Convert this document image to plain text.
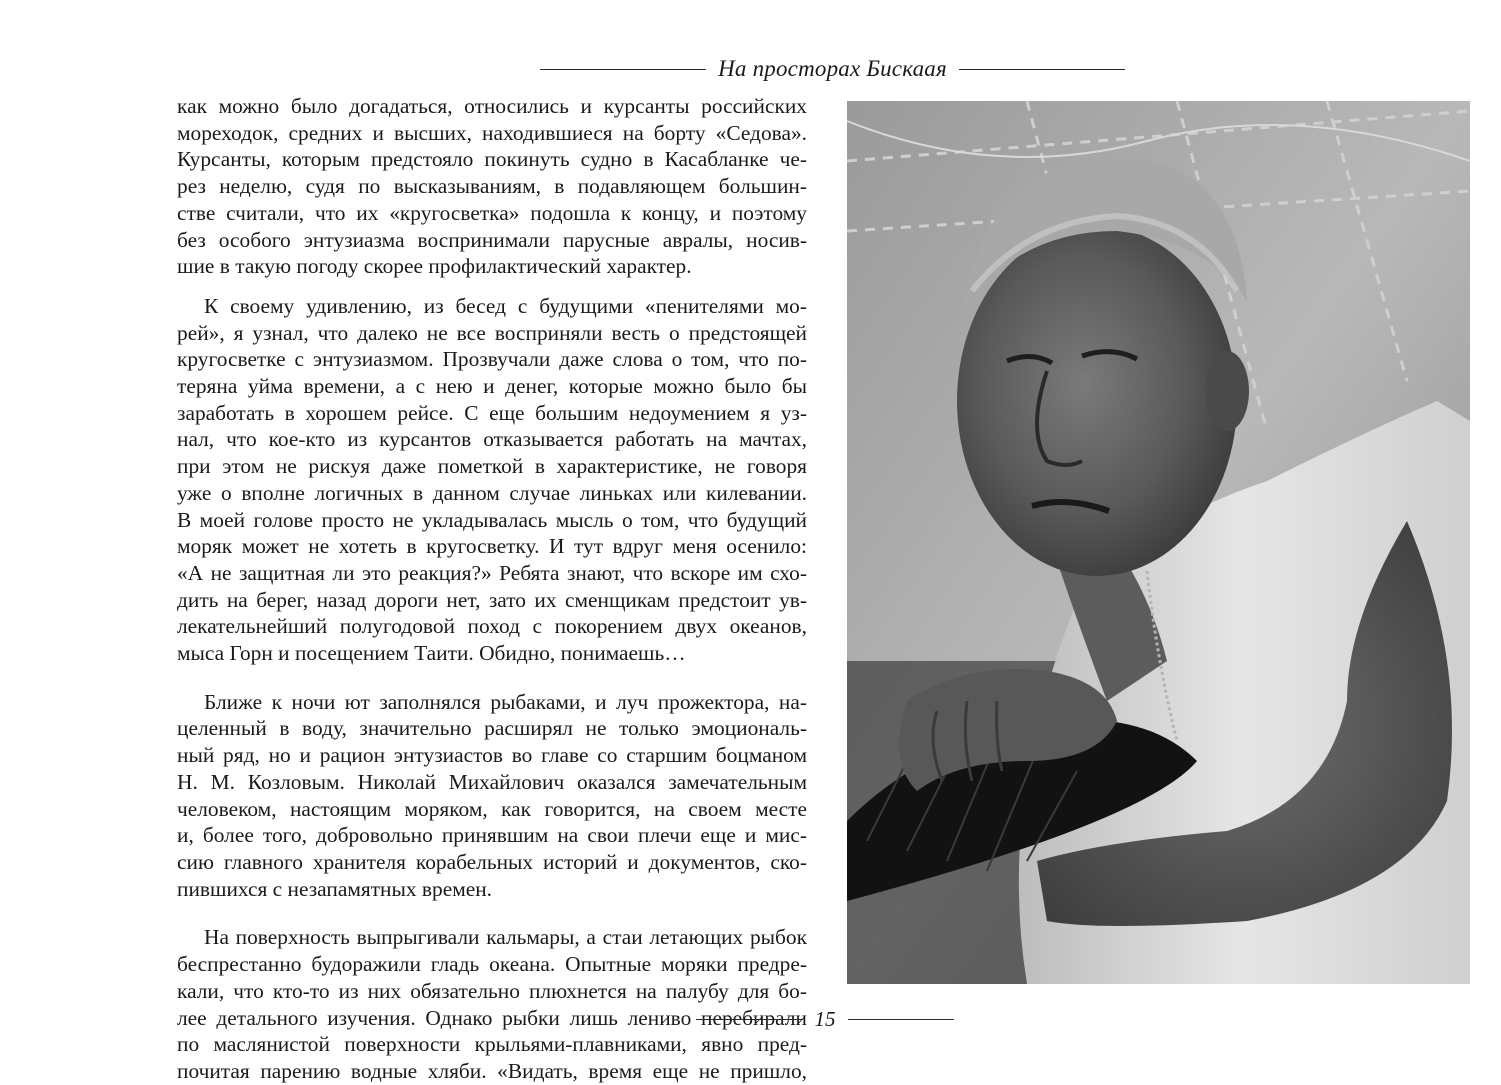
На просторах Бискаая
как можно было догадаться, относились и курсанты российских
мореходок, средних и высших, находившиеся на борту «Седова».
Курсанты, которым предстояло покинуть судно в Касабланке че-
рез неделю, судя по высказываниям, в подавляющем большин-
стве считали, что их «кругосветка» подошла к концу, и поэтому
без особого энтузиазма воспринимали парусные авралы, носив-
шие в такую погоду скорее профилактический характер.
К своему удивлению, из бесед с будущими «пенителями мо-
рей», я узнал, что далеко не все восприняли весть о предстоящей
кругосветке с энтузиазмом. Прозвучали даже слова о том, что по-
теряна уйма времени, а с нею и денег, которые можно было бы
заработать в хорошем рейсе. С еще большим недоумением я уз-
нал, что кое-кто из курсантов отказывается работать на мачтах,
при этом не рискуя даже пометкой в характеристике, не говоря
уже о вполне логичных в данном случае линьках или килевании.
В моей голове просто не укладывалась мысль о том, что будущий
моряк может не хотеть в кругосветку. И тут вдруг меня осенило:
«А не защитная ли это реакция?» Ребята знают, что вскоре им схо-
дить на берег, назад дороги нет, зато их сменщикам предстоит ув-
лекательнейший полугодовой поход с покорением двух океанов,
мыса Горн и посещением Таити. Обидно, понимаешь…
Ближе к ночи ют заполнялся рыбаками, и луч прожектора, на-
целенный в воду, значительно расширял не только эмоциональ-
ный ряд, но и рацион энтузиастов во главе со старшим боцманом
Н. М. Козловым. Николай Михайлович оказался замечательным
человеком, настоящим моряком, как говорится, на своем месте
и, более того, добровольно принявшим на свои плечи еще и мис-
сию главного хранителя корабельных историй и документов, ско-
пившихся с незапамятных времен.
На поверхность выпрыгивали кальмары, а стаи летающих рыбок
беспрестанно будоражили гладь океана. Опытные моряки предре-
кали, что кто-то из них обязательно плюхнется на палубу для бо-
лее детального изучения. Однако рыбки лишь лениво перебирали
по маслянистой поверхности крыльями-плавниками, явно пред-
почитая парению водные хляби. «Видать, время еще не пришло,
15
